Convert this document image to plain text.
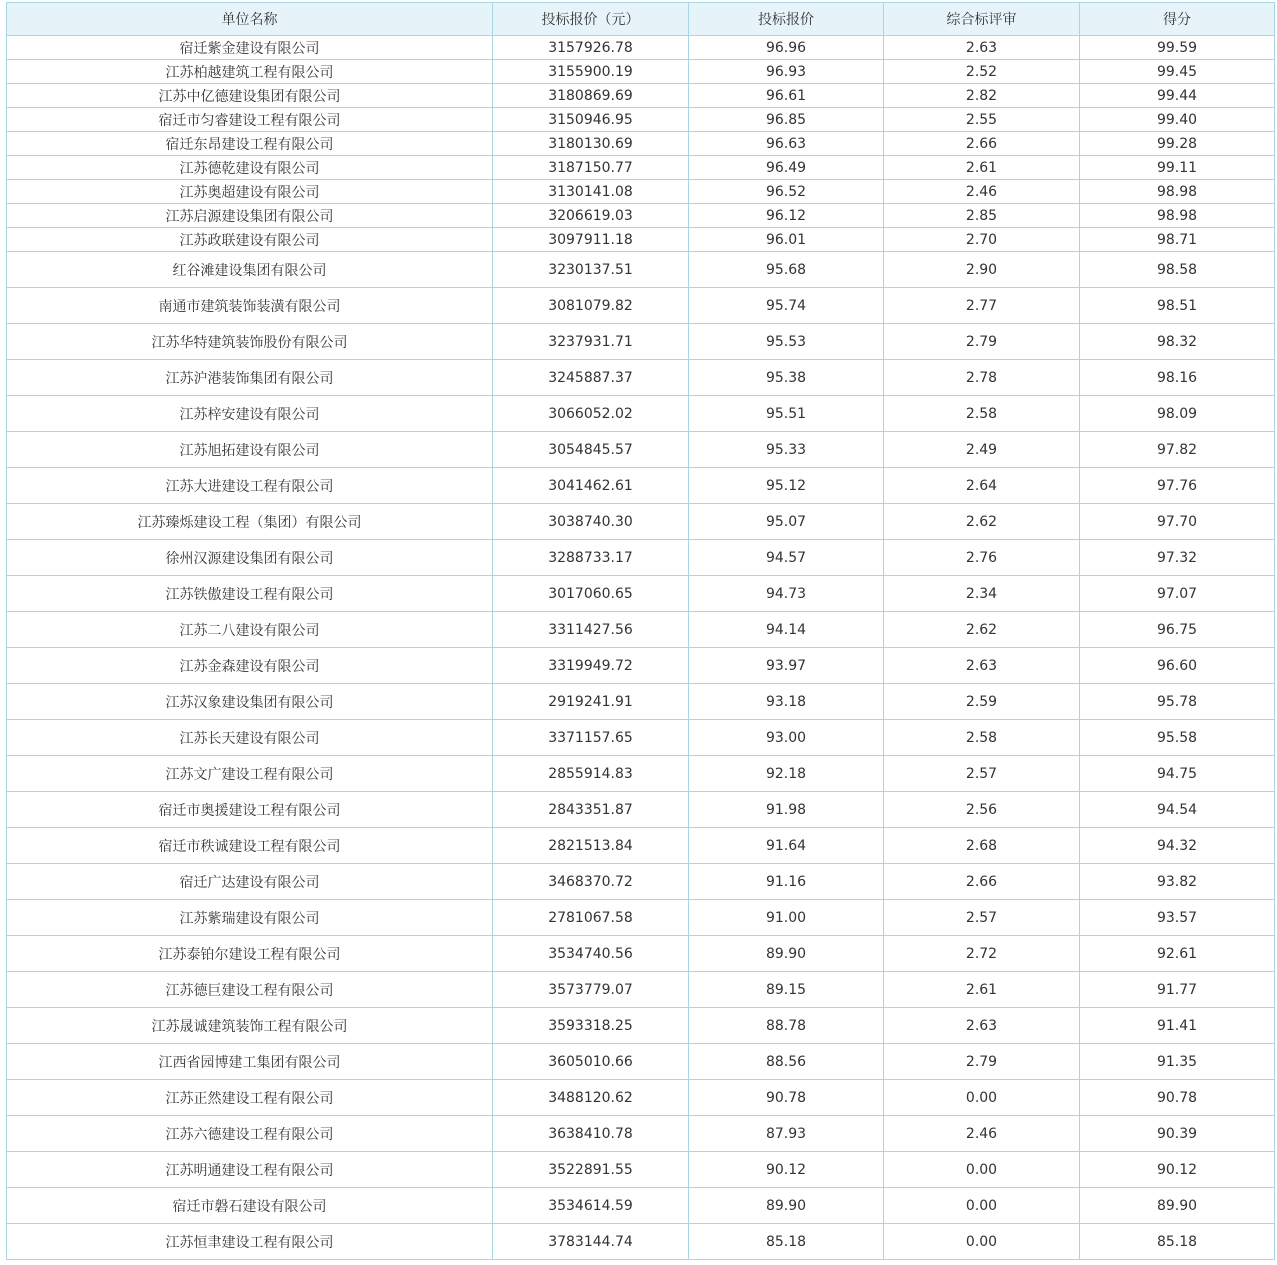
单位名称	投标报价（元）	投标报价	综合标评审	得分
宿迁紫金建设有限公司	3157926.78	96.96	2.63	99.59
江苏柏越建筑工程有限公司	3155900.19	96.93	2.52	99.45
江苏中亿德建设集团有限公司	3180869.69	96.61	2.82	99.44
宿迁市匀睿建设工程有限公司	3150946.95	96.85	2.55	99.40
宿迁东昂建设工程有限公司	3180130.69	96.63	2.66	99.28
江苏德乾建设有限公司	3187150.77	96.49	2.61	99.11
江苏奥超建设有限公司	3130141.08	96.52	2.46	98.98
江苏启源建设集团有限公司	3206619.03	96.12	2.85	98.98
江苏政联建设有限公司	3097911.18	96.01	2.70	98.71
红谷滩建设集团有限公司	3230137.51	95.68	2.90	98.58
南通市建筑装饰装潢有限公司	3081079.82	95.74	2.77	98.51
江苏华特建筑装饰股份有限公司	3237931.71	95.53	2.79	98.32
江苏沪港装饰集团有限公司	3245887.37	95.38	2.78	98.16
江苏梓安建设有限公司	3066052.02	95.51	2.58	98.09
江苏旭拓建设有限公司	3054845.57	95.33	2.49	97.82
江苏大进建设工程有限公司	3041462.61	95.12	2.64	97.76
江苏臻烁建设工程（集团）有限公司	3038740.30	95.07	2.62	97.70
徐州汉源建设集团有限公司	3288733.17	94.57	2.76	97.32
江苏铁傲建设工程有限公司	3017060.65	94.73	2.34	97.07
江苏二八建设有限公司	3311427.56	94.14	2.62	96.75
江苏金森建设有限公司	3319949.72	93.97	2.63	96.60
江苏汉象建设集团有限公司	2919241.91	93.18	2.59	95.78
江苏长天建设有限公司	3371157.65	93.00	2.58	95.58
江苏文广建设工程有限公司	2855914.83	92.18	2.57	94.75
宿迁市奥援建设工程有限公司	2843351.87	91.98	2.56	94.54
宿迁市秩诚建设工程有限公司	2821513.84	91.64	2.68	94.32
宿迁广达建设有限公司	3468370.72	91.16	2.66	93.82
江苏紫瑞建设有限公司	2781067.58	91.00	2.57	93.57
江苏泰铂尔建设工程有限公司	3534740.56	89.90	2.72	92.61
江苏德巨建设工程有限公司	3573779.07	89.15	2.61	91.77
江苏晟诚建筑装饰工程有限公司	3593318.25	88.78	2.63	91.41
江西省园博建工集团有限公司	3605010.66	88.56	2.79	91.35
江苏正然建设工程有限公司	3488120.62	90.78	0.00	90.78
江苏六德建设工程有限公司	3638410.78	87.93	2.46	90.39
江苏明通建设工程有限公司	3522891.55	90.12	0.00	90.12
宿迁市磐石建设有限公司	3534614.59	89.90	0.00	89.90
江苏恒聿建设工程有限公司	3783144.74	85.18	0.00	85.18
